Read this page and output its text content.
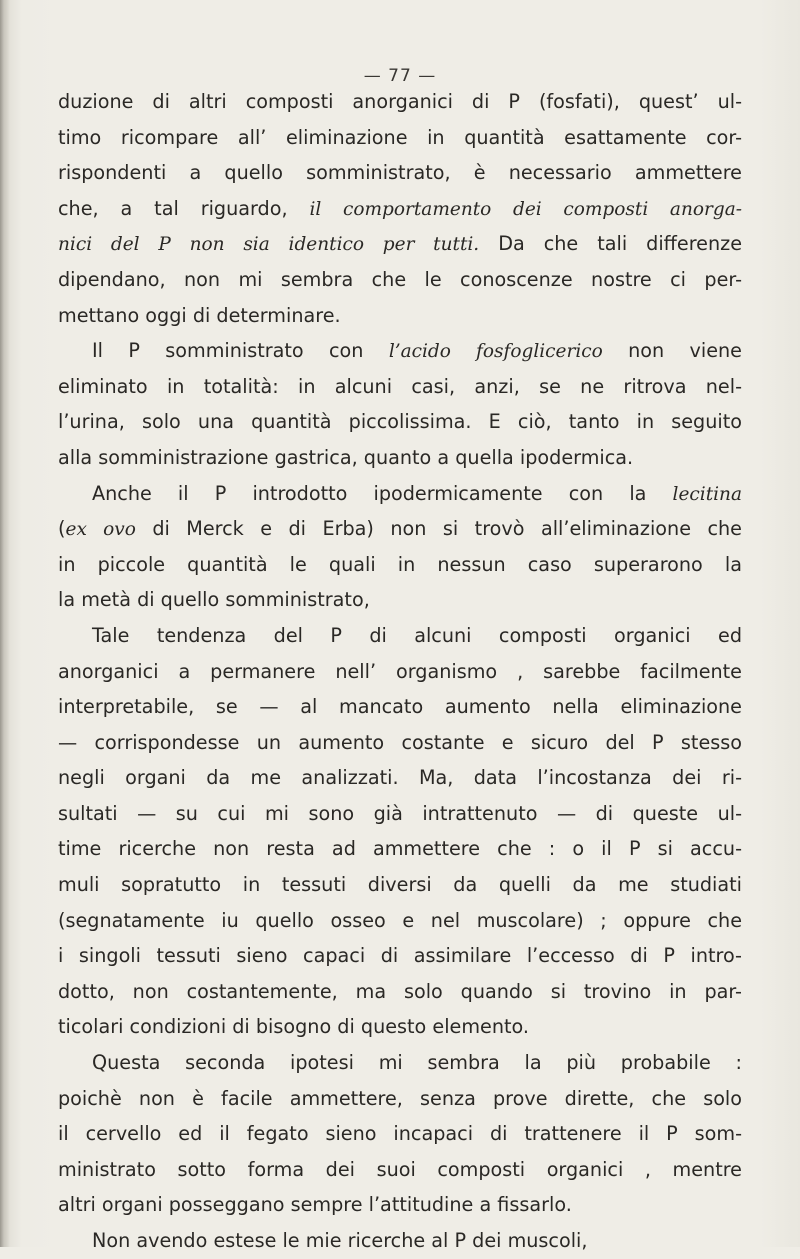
— 77 —
duzione di altri composti anorganici di P (fosfati), quest’ ul-
timo ricompare all’ eliminazione in quantità esattamente cor-
rispondenti a quello somministrato, è necessario ammettere
che, a tal riguardo, il comportamento dei composti anorga-
nici del P non sia identico per tutti. Da che tali differenze
dipendano, non mi sembra che le conoscenze nostre ci per-
mettano oggi di determinare.
Il P somministrato con l’acido fosfoglicerico non viene
eliminato in totalità: in alcuni casi, anzi, se ne ritrova nel-
l’urina, solo una quantità piccolissima. E ciò, tanto in seguito
alla somministrazione gastrica, quanto a quella ipodermica.
Anche il P introdotto ipodermicamente con la lecitina
(ex ovo di Merck e di Erba) non si trovò all’eliminazione che
in piccole quantità le quali in nessun caso superarono la
la metà di quello somministrato,
Tale tendenza del P di alcuni composti organici ed
anorganici a permanere nell’ organismo , sarebbe facilmente
interpretabile, se — al mancato aumento nella eliminazione
— corrispondesse un aumento costante e sicuro del P stesso
negli organi da me analizzati. Ma, data l’incostanza dei ri-
sultati — su cui mi sono già intrattenuto — di queste ul-
time ricerche non resta ad ammettere che : o il P si accu-
muli sopratutto in tessuti diversi da quelli da me studiati
(segnatamente iu quello osseo e nel muscolare) ; oppure che
i singoli tessuti sieno capaci di assimilare l’eccesso di P intro-
dotto, non costantemente, ma solo quando si trovino in par-
ticolari condizioni di bisogno di questo elemento.
Questa seconda ipotesi mi sembra la più probabile :
poichè non è facile ammettere, senza prove dirette, che solo
il cervello ed il fegato sieno incapaci di trattenere il P som-
ministrato sotto forma dei suoi composti organici , mentre
altri organi posseggano sempre l’attitudine a fissarlo.
Non avendo estese le mie ricerche al P dei muscoli,
